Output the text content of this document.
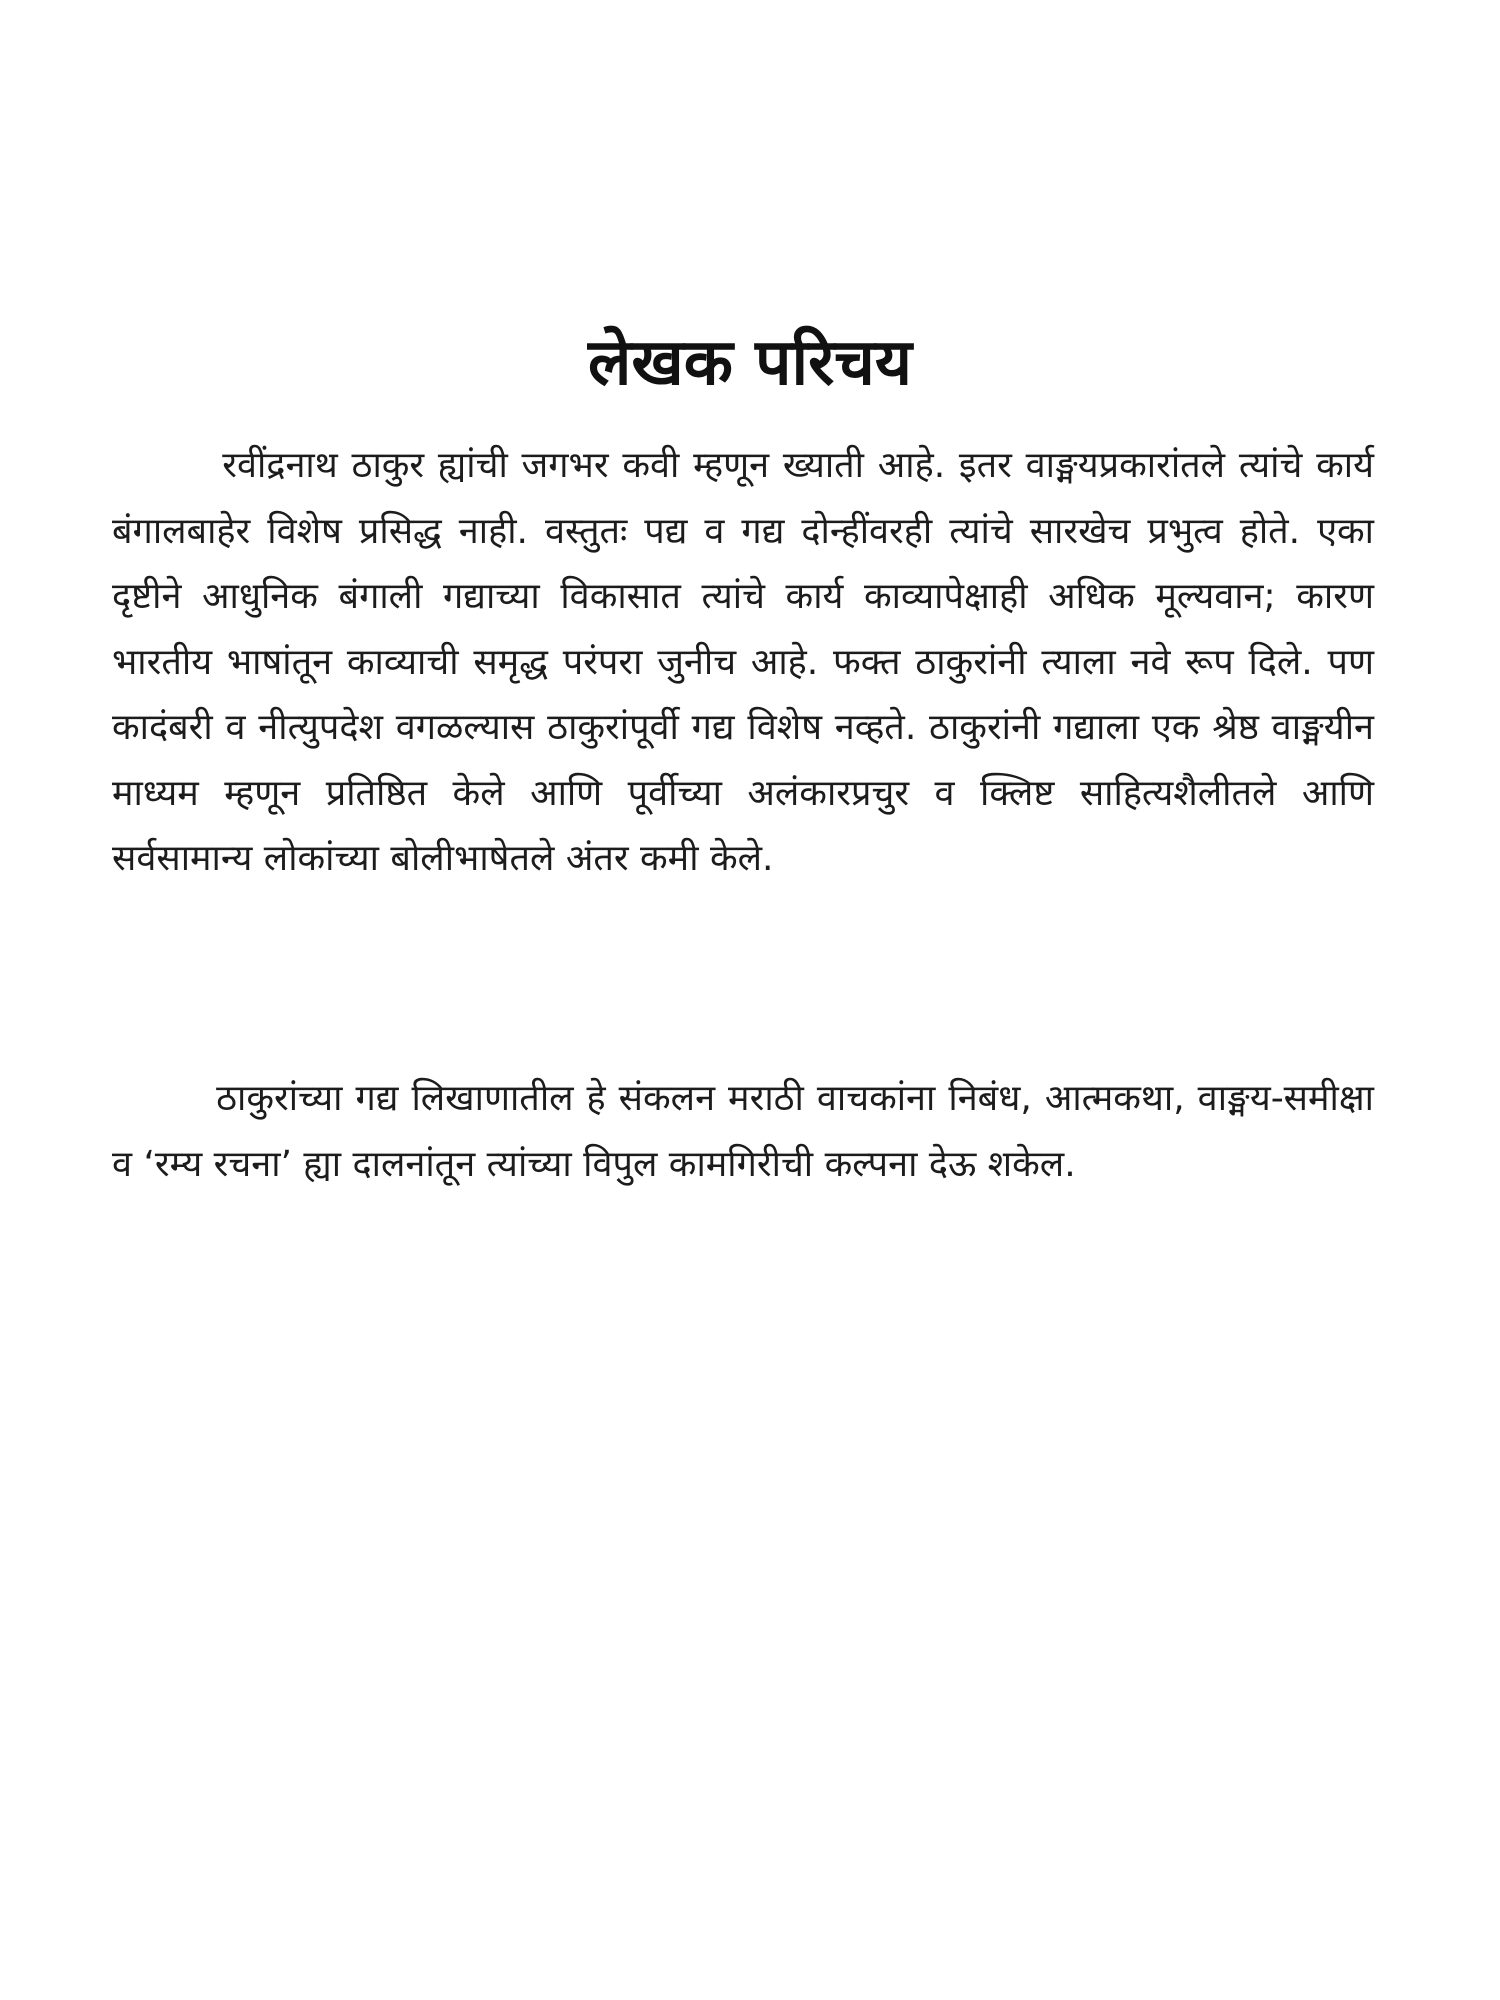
लेखक परिचय

रवींद्रनाथ ठाकुर ह्यांची जगभर कवी म्हणून ख्याती आहे. इतर वाङ्मयप्रकारांतले त्यांचे कार्य बंगालबाहेर विशेष प्रसिद्ध नाही. वस्तुतः पद्य व गद्य दोन्हींवरही त्यांचे सारखेच प्रभुत्व होते. एका दृष्टीने आधुनिक बंगाली गद्याच्या विकासात त्यांचे कार्य काव्यापेक्षाही अधिक मूल्यवान; कारण भारतीय भाषांतून काव्याची समृद्ध परंपरा जुनीच आहे. फक्त ठाकुरांनी त्याला नवे रूप दिले. पण कादंबरी व नीत्युपदेश वगळल्यास ठाकुरांपूर्वी गद्य विशेष नव्हते. ठाकुरांनी गद्याला एक श्रेष्ठ वाङ्मयीन माध्यम म्हणून प्रतिष्ठित केले आणि पूर्वीच्या अलंकारप्रचुर व क्लिष्ट साहित्यशैलीतले आणि सर्वसामान्य लोकांच्या बोलीभाषेतले अंतर कमी केले.

ठाकुरांच्या गद्य लिखाणातील हे संकलन मराठी वाचकांना निबंध, आत्मकथा, वाङ्मय-समीक्षा व ‘रम्य रचना’ ह्या दालनांतून त्यांच्या विपुल कामगिरीची कल्पना देऊ शकेल.
